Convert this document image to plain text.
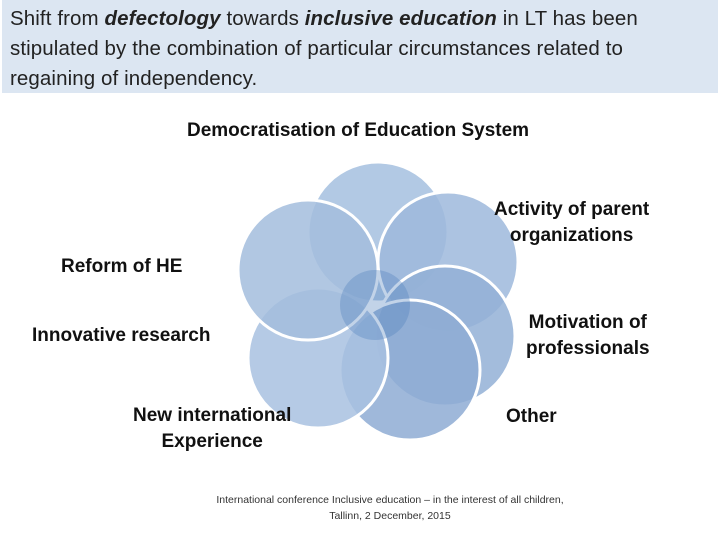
Shift from defectology towards inclusive education in LT has been stipulated by the combination of particular circumstances related to regaining of independency.
Democratisation of Education System
Activity of parent
organizations
Reform of HE
Innovative research
Motivation of
professionals
New international
Experience
Other
International conference Inclusive education – in the interest of all children,
Tallinn, 2 December, 2015
